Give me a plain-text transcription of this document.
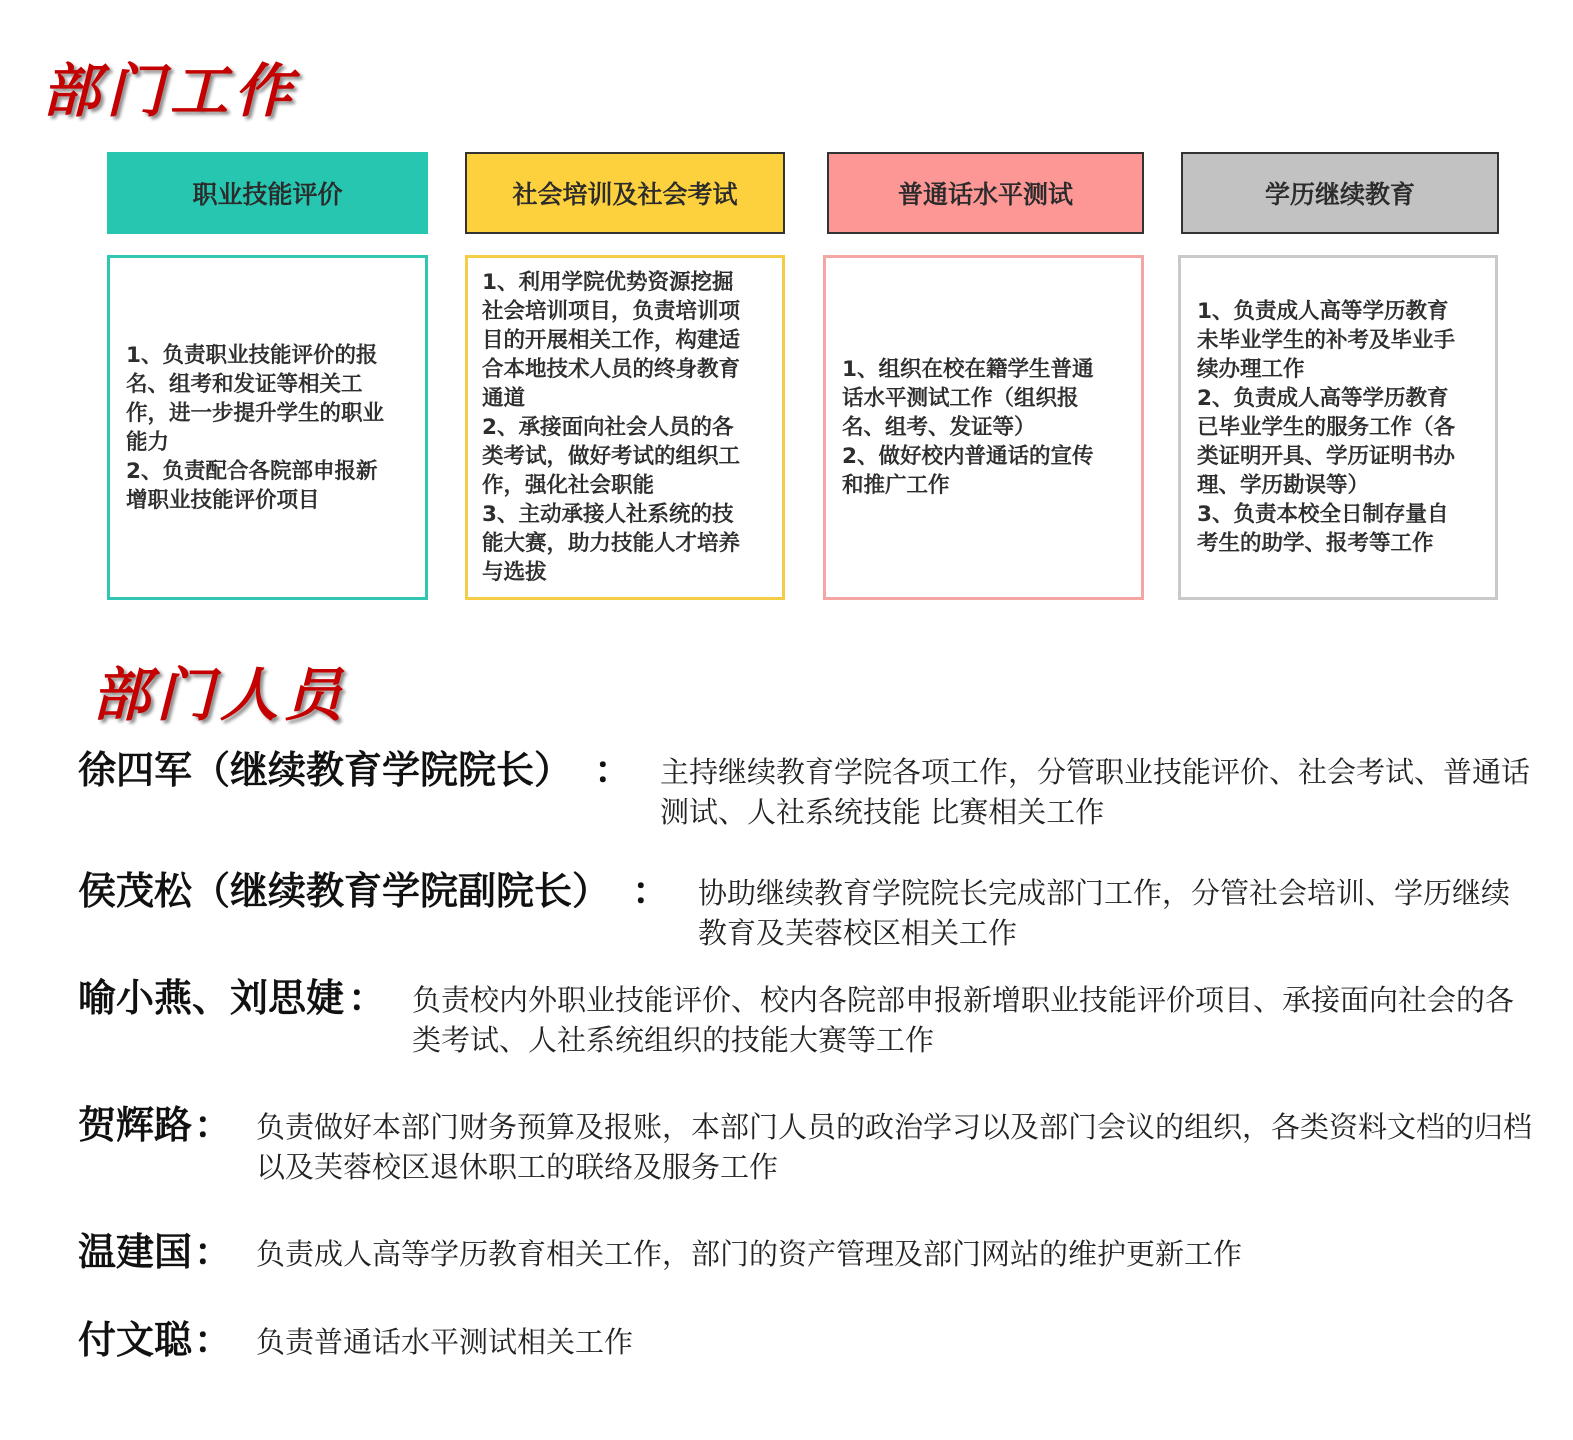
部门工作
职业技能评价	社会培训及社会考试	普通话水平测试	学历继续教育
1、负责职业技能评价的报
名、组考和发证等相关工
作，进一步提升学生的职业
能力
2、负责配合各院部申报新
增职业技能评价项目
1、利用学院优势资源挖掘
社会培训项目，负责培训项
目的开展相关工作，构建适
合本地技术人员的终身教育
通道
2、承接面向社会人员的各
类考试，做好考试的组织工
作，强化社会职能
3、主动承接人社系统的技
能大赛，助力技能人才培养
与选拔
1、组织在校在籍学生普通
话水平测试工作（组织报
名、组考、发证等）
2、做好校内普通话的宣传
和推广工作
1、负责成人高等学历教育
未毕业学生的补考及毕业手
续办理工作
2、负责成人高等学历教育
已毕业学生的服务工作（各
类证明开具、学历证明书办
理、学历勘误等）
3、负责本校全日制存量自
考生的助学、报考等工作
部门人员
徐四军（继续教育学院院长） ： 主持继续教育学院各项工作，分管职业技能评价、社会考试、普通话测试、人社系统技能 比赛相关工作
侯茂松（继续教育学院副院长） ： 协助继续教育学院院长完成部门工作，分管社会培训、学历继续教育及芙蓉校区相关工作
喻小燕、刘思婕 ： 负责校内外职业技能评价、校内各院部申报新增职业技能评价项目、承接面向社会的各类考试、人社系统组织的技能大赛等工作
贺辉路 ： 负责做好本部门财务预算及报账，本部门人员的政治学习以及部门会议的组织，各类资料文档的归档以及芙蓉校区退休职工的联络及服务工作
温建国 ： 负责成人高等学历教育相关工作，部门的资产管理及部门网站的维护更新工作
付文聪 ： 负责普通话水平测试相关工作
